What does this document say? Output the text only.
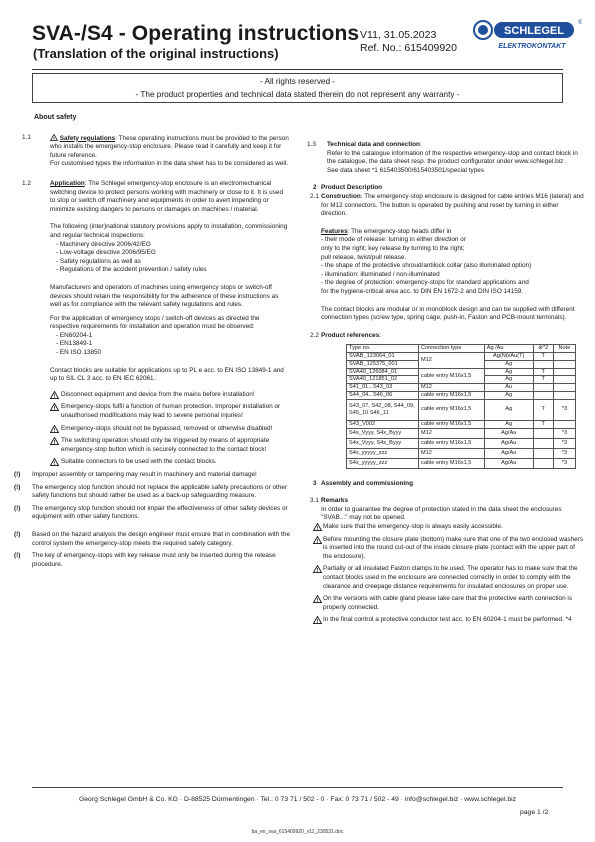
SVA-/S4 - Operating instructions
(Translation of the original instructions)
V11, 31.05.2023
Ref. No.: 615409920
SCHLEGEL
®
ELEKTROKONTAKT
- All rights reserved -
- The product properties and technical data stated therein do not represent any warranty -
About safety
1.1	! Safety regulations: These operating instructions must be provided to the person who installs the emergency-stop enclosure. Please read it carefully and keep it for future reference.

For customised types the information in the data sheet has to be considered as well.

1.2	Application: The Schlegel emergency-stop enclosure is an electromechanical switching device to protect persons working with machinery or close to it. It is used to stop or switch off machinery and equipments in order to avert impending or minimize existing dangers to persons or damages on machines / material.

The following (inter)national statutory provisions apply to installation, commissioning and regular technical inspections:

- Machinery directive 2006/42/EG
- Low-voltage directive 2006/95/EG
- Safety regulations as well as
- Regulations of the accident prevention / safety rules

Manufacturers and operators of machines using emergency stops or switch-off devices should retain the responsibility for the adherence of these instructions as well as for compliance with the relevant safety regulations and rules.

For the application of emergency stops / switch-off devices as directed the respective requirements for installation and operation must be observed:

- EN60204-1
- EN13849-1
- EN ISO 13850

Contact blocks are suitable for applications up to PL e acc. to EN ISO 13849-1 and up to SIL CL 3 acc. to EN IEC 62061.

! Disconnect equipment and device from the mains before installation!

! Emergency-stops fulfil a function of human protection. Improper installation or unauthorised modifications may lead to severe personal injuries!

! Emergency-stops should not be bypassed, removed or otherwise disabled!

! The switching operation should only be triggered by means of appropriate emergency-stop button which is securely connected to the contact block!

! Suitable connectors to be used with the contact blocks.

(!) Improper assembly or tampering may result in machinery and material damage!

(!) The emergency stop function should not replace the applicable safety precautions or other safety functions but should rather be used as a back-up safeguarding measure.

(!) The emergency stop function should not impair the effectiveness of other safety devices or equipment with other safety functions.

(!) Based on the hazard analysis the design engineer must ensure that in combination with the control system the emergency-stop meets the required safety category.

(!) The key of emergency-stops with key release must only be inserted during the release procedure.

1.3 Technical data and connection:

Refer to the catalogue information of the respective emergency-stop and contact block in the catalogue, the data sheet resp. the product configurator under www.schlegel.biz .

See data sheet *1 615403500/615403501/special types

2 Product Description

2.1 Construction: The emergency-stop enclosure is designed for cable entries M16 (lateral) and for M12 connectors. The button is operated by pushing and reset by turning in either direction.

Features: The emergency-stop heads differ in

- their mode of release: turning in either direction or
only to the right; key release by turning to the right;
pull release, twist/pull release.
- the shape of the protective shroud/antilock collar (also illuminated option)
- illumination: illuminated / non-illuminated
- the degree of protection: emergency-stops for standard applications and
for the hygiene-critical area acc. to DIN EN 1672-2 and DIN ISO 14159.

The contact blocks are modular or in monoblock design and can be supplied with different connection types (screw type, spring cage, push-in, Faston and PCB-mount terminals).

2.2 Product references:

Type no.	Connection type	Ag /Au	⊛*2	Note
SVAB_123064_01	M12	Ag(Ni)/Au(T)	T	
SVAB_125375_001		Ag		
SVA40_126084_01	cable entry M16x1,5	Ag	T	
SVA40_121851_02		Ag	T	
S41_01...S43_03	M12	Au		
S44_04...S46_06	cable entry M16x1,5	Ag		
S43_07, S42_08, S44_09, S45_10 S46_11	cable entry M16x1,5	Ag	T	*3
S43_V002	cable entry M16x1,5	Ag	T	
S4x_Vyyy, S4x_Byyy	M12	Ag/Au		*3
S4x_Vyyy, S4x_Byyy	cable entry M16x1,5	Ag/Au		*3
S4x_yyyyy_zzz	M12	Ag/Au		*3
S4x_yyyyy_zzz	cable entry M16x1,5	Ag/Au		*3
3 Assembly and commissioning

3.1 Remarks

In order to guarantee the degree of protection stated in the data sheet the enclosures "SVAB..." may not be opened.

! Make sure that the emergency-stop is always easily accessible.

! Before mounting the closure plate (bottom) make sure that one of the two enclosed washers is inserted into the round cut-out of the inside closure plate (contact with the upper part of the enclosure).

! Partially or all insulated Faston clamps to be used. The operator has to make sure that the contact blocks used in the enclosure are connected correctly in order to comply with the clearance and creepage distance requirements for insulated enclosures on proper use.

! On the versions with cable gland please take care that the protective earth connection is properly connected.

! In the final control a protective conductor test acc. to EN 60204-1 must be performed. *4

Georg Schlegel GmbH & Co. KG · D-88525 Dürmentingen · Tel.: 0 73 71 / 502 - 0 · Fax: 0 73 71 / 502 - 49 · info@schlegel.biz · www.schlegel.biz
page 1 /2
ba_en_sva_615409920_v11_230531.doc
